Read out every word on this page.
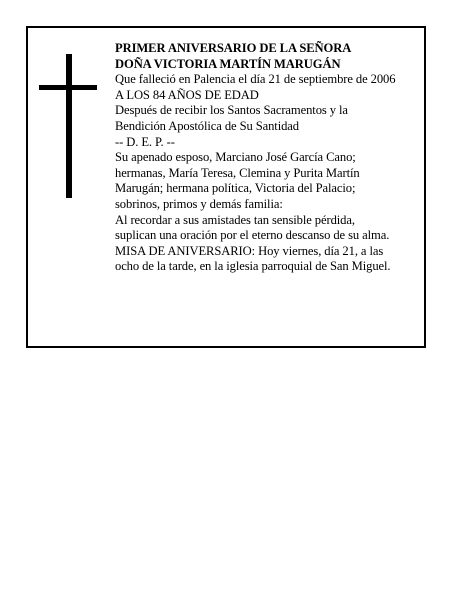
PRIMER ANIVERSARIO DE LA SEÑORA

DOÑA VICTORIA MARTÍN MARUGÁN

Que falleció en Palencia el día 21 de septiembre de 2006

A LOS 84 AÑOS DE EDAD

Después de recibir los Santos Sacramentos y la

Bendición Apostólica de Su Santidad

-- D. E. P. --

Su apenado esposo, Marciano José García Cano;

hermanas, María Teresa, Clemina y Purita Martín

Marugán; hermana política, Victoria del Palacio;

sobrinos, primos y demás familia:

Al recordar a sus amistades tan sensible pérdida,

suplican una oración por el eterno descanso de su alma.

MISA DE ANIVERSARIO: Hoy viernes, día 21, a las

ocho de la tarde, en la iglesia parroquial de San Miguel.
